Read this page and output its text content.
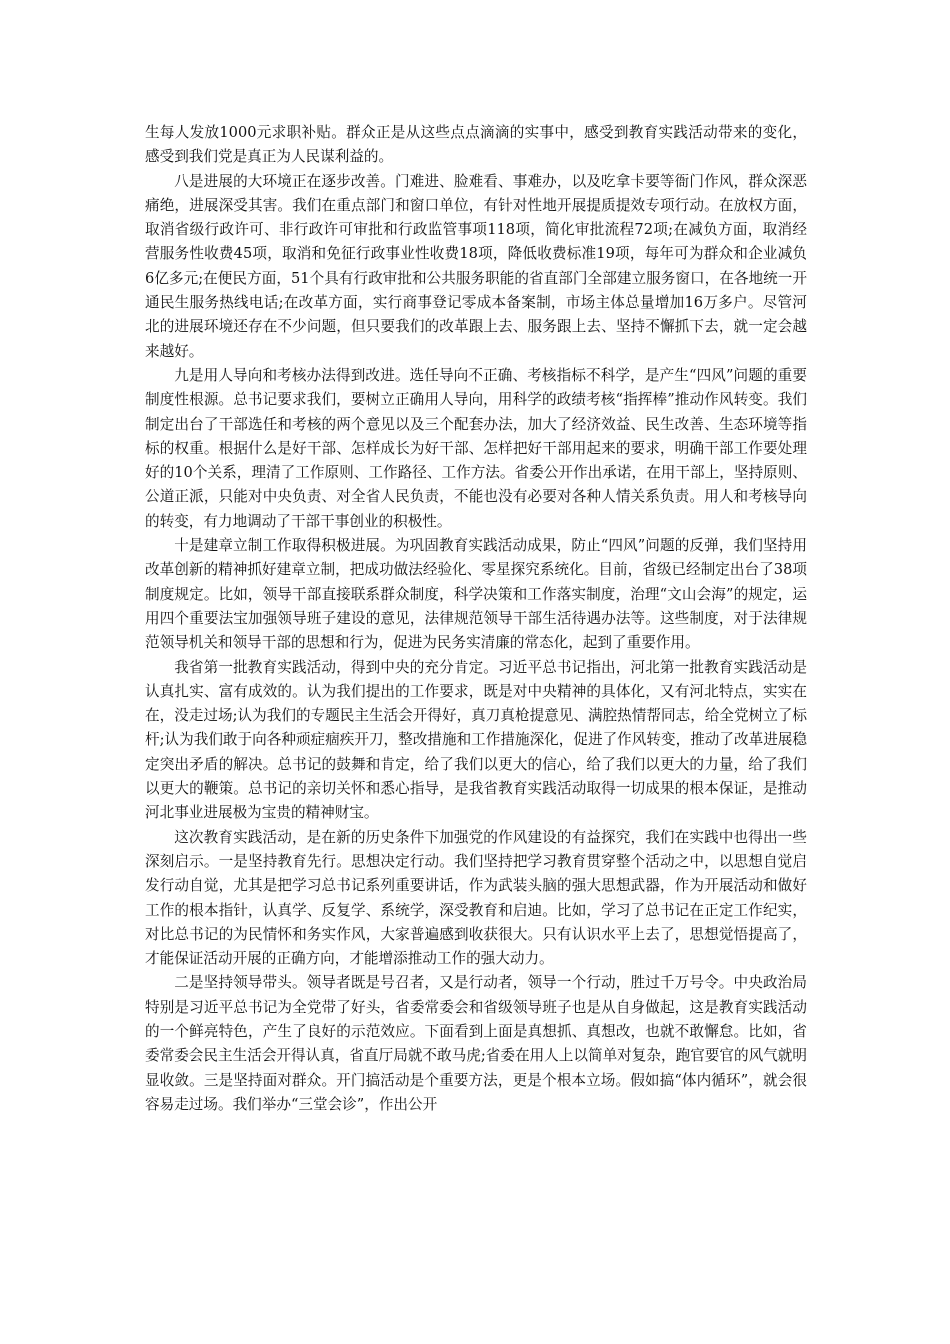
生每人发放1000元求职补贴。群众正是从这些点点滴滴的实事中，感受到教育实践活动带来的变化，感受到我们党是真正为人民谋利益的。

八是进展的大环境正在逐步改善。门难进、脸难看、事难办，以及吃拿卡要等衙门作风，群众深恶痛绝，进展深受其害。我们在重点部门和窗口单位，有针对性地开展提质提效专项行动。在放权方面，取消省级行政许可、非行政许可审批和行政监管事项118项，简化审批流程72项;在减负方面，取消经营服务性收费45项，取消和免征行政事业性收费18项，降低收费标准19项，每年可为群众和企业减负6亿多元;在便民方面，51个具有行政审批和公共服务职能的省直部门全部建立服务窗口，在各地统一开通民生服务热线电话;在改革方面，实行商事登记零成本备案制，市场主体总量增加16万多户。尽管河北的进展环境还存在不少问题，但只要我们的改革跟上去、服务跟上去、坚持不懈抓下去，就一定会越来越好。

九是用人导向和考核办法得到改进。选任导向不正确、考核指标不科学，是产生“四风”问题的重要制度性根源。总书记要求我们，要树立正确用人导向，用科学的政绩考核“指挥棒”推动作风转变。我们制定出台了干部选任和考核的两个意见以及三个配套办法，加大了经济效益、民生改善、生态环境等指标的权重。根据什么是好干部、怎样成长为好干部、怎样把好干部用起来的要求，明确干部工作要处理好的10个关系，理清了工作原则、工作路径、工作方法。省委公开作出承诺，在用干部上，坚持原则、公道正派，只能对中央负责、对全省人民负责，不能也没有必要对各种人情关系负责。用人和考核导向的转变，有力地调动了干部干事创业的积极性。

十是建章立制工作取得积极进展。为巩固教育实践活动成果，防止“四风”问题的反弹，我们坚持用改革创新的精神抓好建章立制，把成功做法经验化、零星探究系统化。目前，省级已经制定出台了38项制度规定。比如，领导干部直接联系群众制度，科学决策和工作落实制度，治理“文山会海”的规定，运用四个重要法宝加强领导班子建设的意见，法律规范领导干部生活待遇办法等。这些制度，对于法律规范领导机关和领导干部的思想和行为，促进为民务实清廉的常态化，起到了重要作用。

我省第一批教育实践活动，得到中央的充分肯定。习近平总书记指出，河北第一批教育实践活动是认真扎实、富有成效的。认为我们提出的工作要求，既是对中央精神的具体化，又有河北特点，实实在在，没走过场;认为我们的专题民主生活会开得好，真刀真枪提意见、满腔热情帮同志，给全党树立了标杆;认为我们敢于向各种顽症痼疾开刀，整改措施和工作措施深化，促进了作风转变，推动了改革进展稳定突出矛盾的解决。总书记的鼓舞和肯定，给了我们以更大的信心，给了我们以更大的力量，给了我们以更大的鞭策。总书记的亲切关怀和悉心指导，是我省教育实践活动取得一切成果的根本保证，是推动河北事业进展极为宝贵的精神财宝。

这次教育实践活动，是在新的历史条件下加强党的作风建设的有益探究，我们在实践中也得出一些深刻启示。一是坚持教育先行。思想决定行动。我们坚持把学习教育贯穿整个活动之中，以思想自觉启发行动自觉，尤其是把学习总书记系列重要讲话，作为武装头脑的强大思想武器，作为开展活动和做好工作的根本指针，认真学、反复学、系统学，深受教育和启迪。比如，学习了总书记在正定工作纪实，对比总书记的为民情怀和务实作风，大家普遍感到收获很大。只有认识水平上去了，思想觉悟提高了，才能保证活动开展的正确方向，才能增添推动工作的强大动力。

二是坚持领导带头。领导者既是号召者，又是行动者，领导一个行动，胜过千万号令。中央政治局特别是习近平总书记为全党带了好头，省委常委会和省级领导班子也是从自身做起，这是教育实践活动的一个鲜亮特色，产生了良好的示范效应。下面看到上面是真想抓、真想改，也就不敢懈怠。比如，省委常委会民主生活会开得认真，省直厅局就不敢马虎;省委在用人上以简单对复杂，跑官要官的风气就明显收敛。三是坚持面对群众。开门搞活动是个重要方法，更是个根本立场。假如搞“体内循环”，就会很容易走过场。我们举办“三堂会诊”，作出公开
